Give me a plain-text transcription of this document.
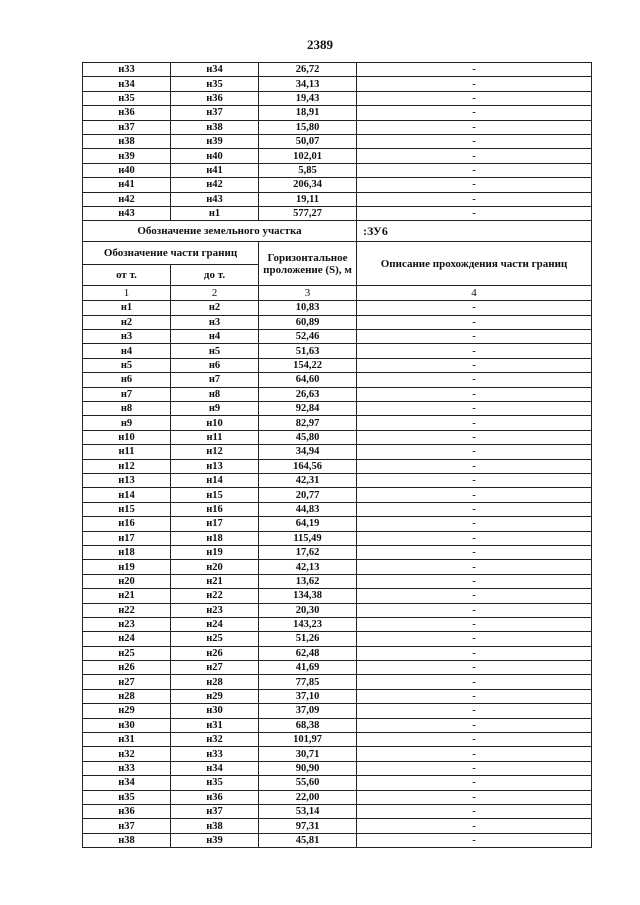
2389
н33	н34	26,72	-
н34	н35	34,13	-
н35	н36	19,43	-
н36	н37	18,91	-
н37	н38	15,80	-
н38	н39	50,07	-
н39	н40	102,01	-
н40	н41	5,85	-
н41	н42	206,34	-
н42	н43	19,11	-
н43	н1	577,27	-
Обозначение земельного участка			:ЗУ6
Обозначение части границ		Горизонтальное проложение (S), м	Описание прохождения части границ
от т.	до т.		
1	2	3	4
н1	н2	10,83	-
н2	н3	60,89	-
н3	н4	52,46	-
н4	н5	51,63	-
н5	н6	154,22	-
н6	н7	64,60	-
н7	н8	26,63	-
н8	н9	92,84	-
н9	н10	82,97	-
н10	н11	45,80	-
н11	н12	34,94	-
н12	н13	164,56	-
н13	н14	42,31	-
н14	н15	20,77	-
н15	н16	44,83	-
н16	н17	64,19	-
н17	н18	115,49	-
н18	н19	17,62	-
н19	н20	42,13	-
н20	н21	13,62	-
н21	н22	134,38	-
н22	н23	20,30	-
н23	н24	143,23	-
н24	н25	51,26	-
н25	н26	62,48	-
н26	н27	41,69	-
н27	н28	77,85	-
н28	н29	37,10	-
н29	н30	37,09	-
н30	н31	68,38	-
н31	н32	101,97	-
н32	н33	30,71	-
н33	н34	90,90	-
н34	н35	55,60	-
н35	н36	22,00	-
н36	н37	53,14	-
н37	н38	97,31	-
н38	н39	45,81	-
